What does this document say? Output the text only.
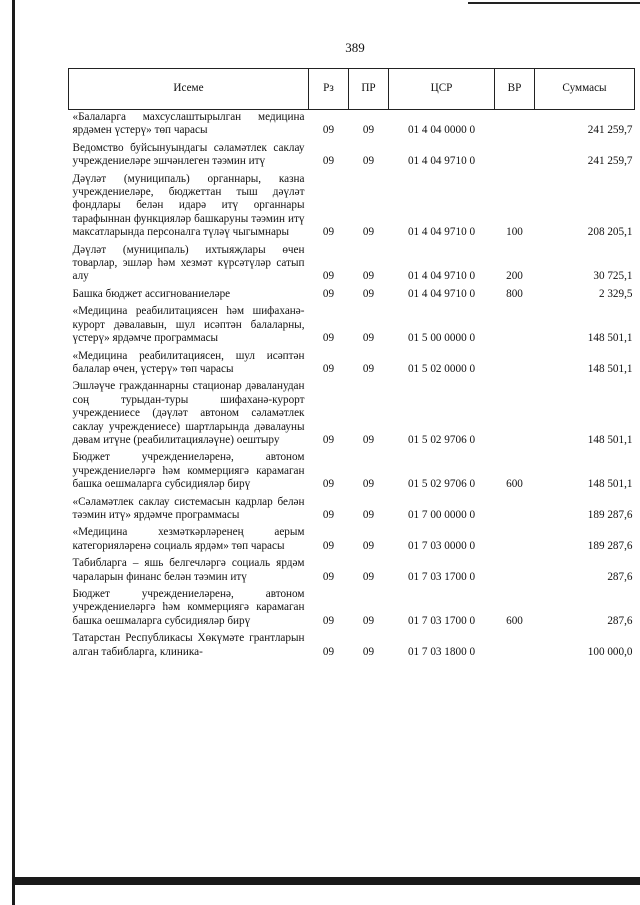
389
Исеме	Рз	ПР	ЦСР	ВР	Суммасы
«Балаларга махсуслаштырылган медицина ярдәмен үстерү» төп чарасы	09	09	01 4 04 0000 0		241 259,7
Ведомство буйсынуындагы сәламәтлек саклау учреждениеләре эшчәнлеген тәэмин итү	09	09	01 4 04 9710 0		241 259,7
Дәүләт (муниципаль) органнары, казна учреждениеләре, бюджеттан тыш дәүләт фондлары белән идарә итү органнары тарафыннан функцияләр башкаруны тәэмин итү максатларында персоналга түләү чыгымнары	09	09	01 4 04 9710 0	100	208 205,1
Дәүләт (муниципаль) ихтыяҗлары өчен товарлар, эшләр һәм хезмәт күрсәтүләр сатып алу	09	09	01 4 04 9710 0	200	30 725,1
Башка бюджет ассигнованиеләре	09	09	01 4 04 9710 0	800	2 329,5
«Медицина реабилитациясен һәм шифаханә-курорт дәвалавын, шул исәптән балаларны, үстерү» ярдәмче программасы	09	09	01 5 00 0000 0		148 501,1
«Медицина реабилитациясен, шул исәптән балалар өчен, үстерү» төп чарасы	09	09	01 5 02 0000 0		148 501,1
Эшләүче гражданнарны стационар дәваланудан соң турыдан-туры шифаханә-курорт учреждениесе (дәүләт автоном сәламәтлек саклау учреждениесе) шартларында дәвалауны дәвам итүне (реабилитацияләүне) оештыру	09	09	01 5 02 9706 0		148 501,1
Бюджет учреждениеләренә, автоном учреждениеләргә һәм коммерциягә карамаган башка оешмаларга субсидияләр бирү	09	09	01 5 02 9706 0	600	148 501,1
«Сәламәтлек саклау системасын кадрлар белән тәэмин итү» ярдәмче программасы	09	09	01 7 00 0000 0		189 287,6
«Медицина хезмәткәрләренең аерым категорияләренә социаль ярдәм» төп чарасы	09	09	01 7 03 0000 0		189 287,6
Табибларга – яшь белгечләргә социаль ярдәм чараларын финанс белән тәэмин итү	09	09	01 7 03 1700 0		287,6
Бюджет учреждениеләренә, автоном учреждениеләргә һәм коммерциягә карамаган башка оешмаларга субсидияләр бирү	09	09	01 7 03 1700 0	600	287,6
Татарстан Республикасы Хөкүмәте грантларын алган табибларга, клиника-	09	09	01 7 03 1800 0		100 000,0
